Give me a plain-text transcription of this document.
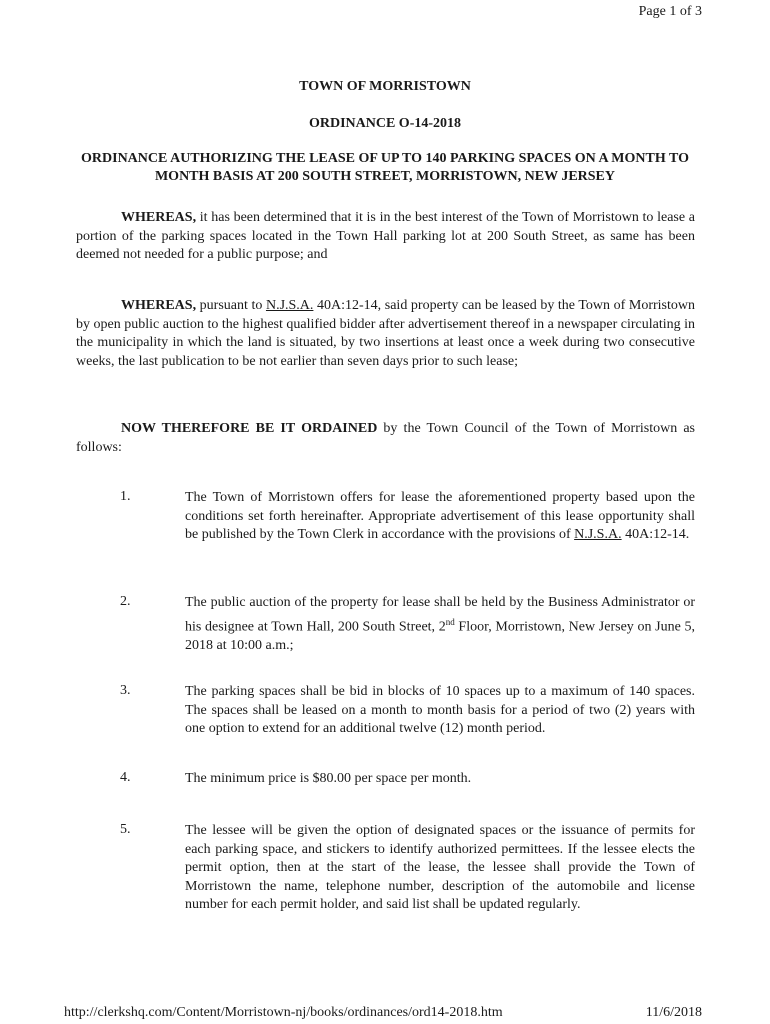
Page 1 of 3
TOWN OF MORRISTOWN
ORDINANCE O-14-2018
ORDINANCE AUTHORIZING THE LEASE OF UP TO 140 PARKING SPACES ON A MONTH TO MONTH BASIS AT 200 SOUTH STREET, MORRISTOWN, NEW JERSEY
WHEREAS, it has been determined that it is in the best interest of the Town of Morristown to lease a portion of the parking spaces located in the Town Hall parking lot at 200 South Street, as same has been deemed not needed for a public purpose; and
WHEREAS, pursuant to N.J.S.A. 40A:12-14, said property can be leased by the Town of Morristown by open public auction to the highest qualified bidder after advertisement thereof in a newspaper circulating in the municipality in which the land is situated, by two insertions at least once a week during two consecutive weeks, the last publication to be not earlier than seven days prior to such lease;
NOW THEREFORE BE IT ORDAINED by the Town Council of the Town of Morristown as follows:
1.	The Town of Morristown offers for lease the aforementioned property based upon the conditions set forth hereinafter. Appropriate advertisement of this lease opportunity shall be published by the Town Clerk in accordance with the provisions of N.J.S.A. 40A:12-14.
2.	The public auction of the property for lease shall be held by the Business Administrator or his designee at Town Hall, 200 South Street, 2nd Floor, Morristown, New Jersey on June 5, 2018 at 10:00 a.m.;
3.	The parking spaces shall be bid in blocks of 10 spaces up to a maximum of 140 spaces. The spaces shall be leased on a month to month basis for a period of two (2) years with one option to extend for an additional twelve (12) month period.
4.	The minimum price is $80.00 per space per month.
5.	The lessee will be given the option of designated spaces or the issuance of permits for each parking space, and stickers to identify authorized permittees. If the lessee elects the permit option, then at the start of the lease, the lessee shall provide the Town of Morristown the name, telephone number, description of the automobile and license number for each permit holder, and said list shall be updated regularly.
http://clerkshq.com/Content/Morristown-nj/books/ordinances/ord14-2018.htm	11/6/2018
